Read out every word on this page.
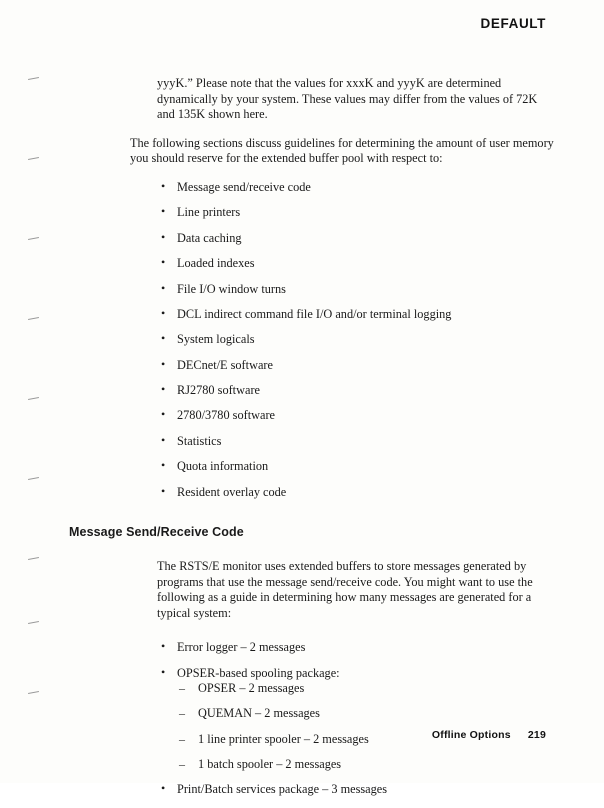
DEFAULT

yyyK.” Please note that the values for xxxK and yyyK are determined dynamically by your system. These values may differ from the values of 72K and 135K shown here.

The following sections discuss guidelines for determining the amount of user memory you should reserve for the extended buffer pool with respect to:

• Message send/receive code
• Line printers
• Data caching
• Loaded indexes
• File I/O window turns
• DCL indirect command file I/O and/or terminal logging
• System logicals
• DECnet/E software
• RJ2780 software
• 2780/3780 software
• Statistics
• Quota information
• Resident overlay code
Message Send/Receive Code

The RSTS/E monitor uses extended buffers to store messages generated by programs that use the message send/receive code. You might want to use the following as a guide in determining how many messages are generated for a typical system:

• Error logger – 2 messages
• OPSER-based spooling package:
– OPSER – 2 messages
– QUEMAN – 2 messages
– 1 line printer spooler – 2 messages
– 1 batch spooler – 2 messages
• Print/Batch services package – 3 messages
Offline Options 219
